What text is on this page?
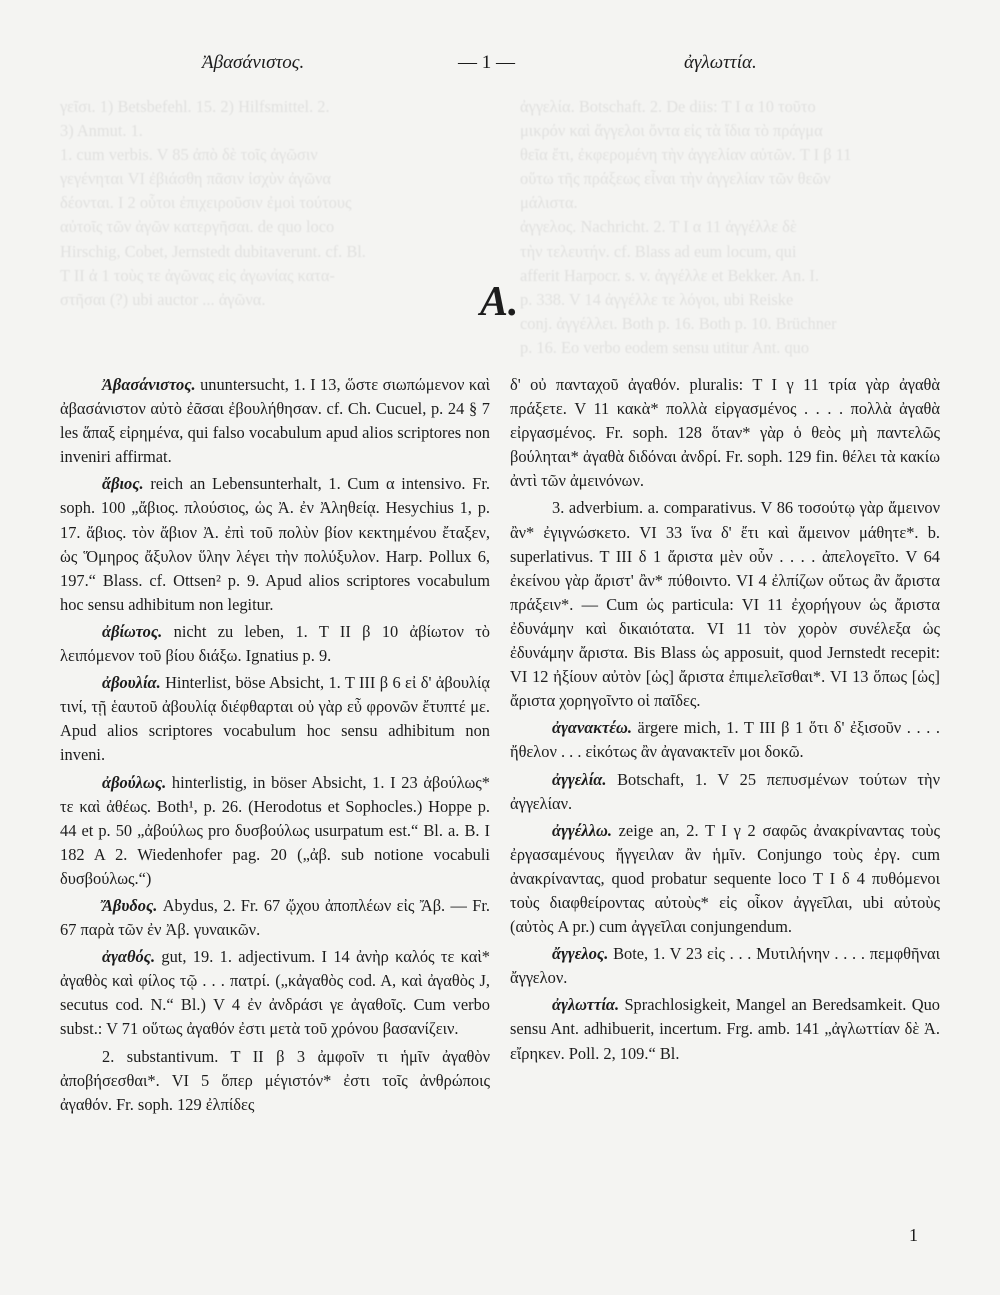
Ἀβασάνιστος.	— 1 —	ἀγλωττία.
γεῖσι. 1) Betsbefehl. 15. 2) Hilfsmittel. 2.
3) Anmut. 1.
1. cum verbis. V 85 ἀπὸ δὲ τοῖς ἀγῶσιν
γεγένηται VI ἐβιάσθη πᾶσιν ἰσχὺν ἀγῶνα
δέονται. I 2 οὗτοι ἐπιχειροῦσιν ἐμοὶ τούτους
αὐτοῖς τῶν ἀγῶν κατεργῆσαι. de quo loco
Hirschig, Cobet, Jernstedt dubitaverunt. cf. Bl.
T II ἀ 1 τοὺς τε ἀγῶνας εἰς ἀγωνίας κατα-
στῆσαι (?) ubi auctor ... ἀγῶνα.
ἀγγελία. Botschaft. 2. De diis: T I α 10 τοῦτο
μικρόν καὶ ἄγγελοι ὄντα εἰς τὰ ἴδια τὸ πράγμα
θεῖα ἔτι, ἐκφερομένη τὴν ἀγγελίαν αὐτῶν. T I β 11
οὕτω τῆς πράξεως εἶναι τὴν ἀγγελίαν τῶν θεῶν
μάλιστα.
ἀγγελος. Nachricht. 2. T I α 11 ἀγγέλλε δὲ
τὴν τελευτήν. cf. Blass ad eum locum, qui
afferit Harpocr. s. v. ἀγγέλλε et Bekker. An. I.
p. 338. V 14 ἀγγέλλε τε λόγοι, ubi Reiske
conj. ἀγγέλλει. Both p. 16. Both p. 10. Brüchner
p. 16. Eo verbo eodem sensu utitur Ant. quo
A.

Ἀβασάνιστος. ununtersucht, 1. I 13, ὥστε σιωπώμενον καὶ ἀβασάνιστον αὐτὸ ἐᾶσαι ἐβουλήθησαν. cf. Ch. Cucuel, p. 24 § 7 les ἅπαξ εἰρημένα, qui falso vocabulum apud alios scriptores non inveniri affirmat.

ἄβιος. reich an Lebensunterhalt, 1. Cum α intensivo. Fr. soph. 100 „ἄβιος. πλούσιος, ὡς Ἀ. ἐν Ἀληθείᾳ. Hesychius 1, p. 17. ἄβιος. τὸν ἄβιον Ἀ. ἐπὶ τοῦ πολὺν βίον κεκτημένου ἔταξεν, ὡς Ὅμηρος ἄξυλον ὕλην λέγει τὴν πολύξυλον. Harp. Pollux 6, 197.“ Blass. cf. Ottsen² p. 9. Apud alios scriptores vocabulum hoc sensu adhibitum non legitur.

ἀβίωτος. nicht zu leben, 1. T II β 10 ἀβίωτον τὸ λειπόμενον τοῦ βίου διάξω. Ignatius p. 9.

ἀβουλία. Hinterlist, böse Absicht, 1. T III β 6 εἰ δ' ἀβουλίᾳ τινί, τῇ ἑαυτοῦ ἀβουλίᾳ διέφθαρται οὐ γὰρ εὖ φρονῶν ἔτυπτέ με. Apud alios scriptores vocabulum hoc sensu adhibitum non inveni.

ἀβούλως. hinterlistig, in böser Absicht, 1. I 23 ἀβούλως* τε καὶ ἀθέως. Both¹, p. 26. (Herodotus et Sophocles.) Hoppe p. 44 et p. 50 „ἀβούλως pro δυσβούλως usurpatum est.“ Bl. a. B. I 182 A 2. Wiedenhofer pag. 20 („ἀβ. sub notione vocabuli δυσβούλως.“)

Ἄβυδος. Abydus, 2. Fr. 67 ᾤχου ἀποπλέων εἰς Ἄβ. — Fr. 67 παρὰ τῶν ἐν Ἀβ. γυναικῶν.

ἀγαθός. gut, 19. 1. adjectivum. I 14 ἀνὴρ καλός τε καὶ* ἀγαθὸς καὶ φίλος τῷ . . . πατρί. („κἀγαθὸς cod. A, καὶ ἀγαθὸς J, secutus cod. N.“ Bl.) V 4 ἐν ἀνδράσι γε ἀγαθοῖς. Cum verbo subst.: V 71 οὕτως ἀγαθόν ἐστι μετὰ τοῦ χρόνου βασανίζειν.

2. substantivum. T II β 3 ἀμφοῖν τι ἡμῖν ἀγαθὸν ἀποβήσεσθαι*. VI 5 ὅπερ μέγιστόν* ἐστι τοῖς ἀνθρώποις ἀγαθόν. Fr. soph. 129 ἐλπίδες

δ' οὐ πανταχοῦ ἀγαθόν. pluralis: T I γ 11 τρία γὰρ ἀγαθὰ πράξετε. V 11 κακὰ* πολλὰ εἰργασμένος . . . . πολλὰ ἀγαθὰ εἰργασμένος. Fr. soph. 128 ὅταν* γὰρ ὁ θεὸς μὴ παντελῶς βούληται* ἀγαθὰ διδόναι ἀνδρί. Fr. soph. 129 fin. θέλει τὰ κακίω ἀντὶ τῶν ἀμεινόνων.

3. adverbium. a. comparativus. V 86 τοσούτῳ γὰρ ἄμεινον ἂν* ἐγιγνώσκετο. VI 33 ἵνα δ' ἔτι καὶ ἄμεινον μάθητε*. b. superlativus. T III δ 1 ἄριστα μὲν οὖν . . . . ἀπελογεῖτο. V 64 ἐκείνου γὰρ ἄριστ' ἂν* πύθοιντο. VI 4 ἐλπίζων οὕτως ἂν ἄριστα πράξειν*. — Cum ὡς particula: VI 11 ἐχορήγουν ὡς ἄριστα ἐδυνάμην καὶ δικαιότατα. VI 11 τὸν χορὸν συνέλεξα ὡς ἐδυνάμην ἄριστα. Bis Blass ὡς apposuit, quod Jernstedt recepit: VI 12 ἠξίουν αὐτὸν [ὡς] ἄριστα ἐπιμελεῖσθαι*. VI 13 ὅπως [ὡς] ἄριστα χορηγοῖντο οἱ παῖδες.

ἀγανακτέω. ärgere mich, 1. T III β 1 ὅτι δ' ἐξισοῦν . . . . ἤθελον . . . εἰκότως ἂν ἀγανακτεῖν μοι δοκῶ.

ἀγγελία. Botschaft, 1. V 25 πεπυσμένων τούτων τὴν ἀγγελίαν.

ἀγγέλλω. zeige an, 2. T I γ 2 σαφῶς ἀνακρίναντας τοὺς ἐργασαμένους ἤγγειλαν ἂν ἡμῖν. Conjungo τοὺς ἐργ. cum ἀνακρίναντας, quod probatur sequente loco T I δ 4 πυθόμενοι τοὺς διαφθείροντας αὐτοὺς* εἰς οἶκον ἀγγεῖλαι, ubi αὐτοὺς (αὐτὸς A pr.) cum ἀγγεῖλαι conjungendum.

ἄγγελος. Bote, 1. V 23 εἰς . . . Μυτιλήνην . . . . πεμφθῆναι ἄγγελον.

ἀγλωττία. Sprachlosigkeit, Mangel an Beredsamkeit. Quo sensu Ant. adhibuerit, incertum. Frg. amb. 141 „ἀγλωττίαν δὲ Ἀ. εἴρηκεν. Poll. 2, 109.“ Bl.

1
